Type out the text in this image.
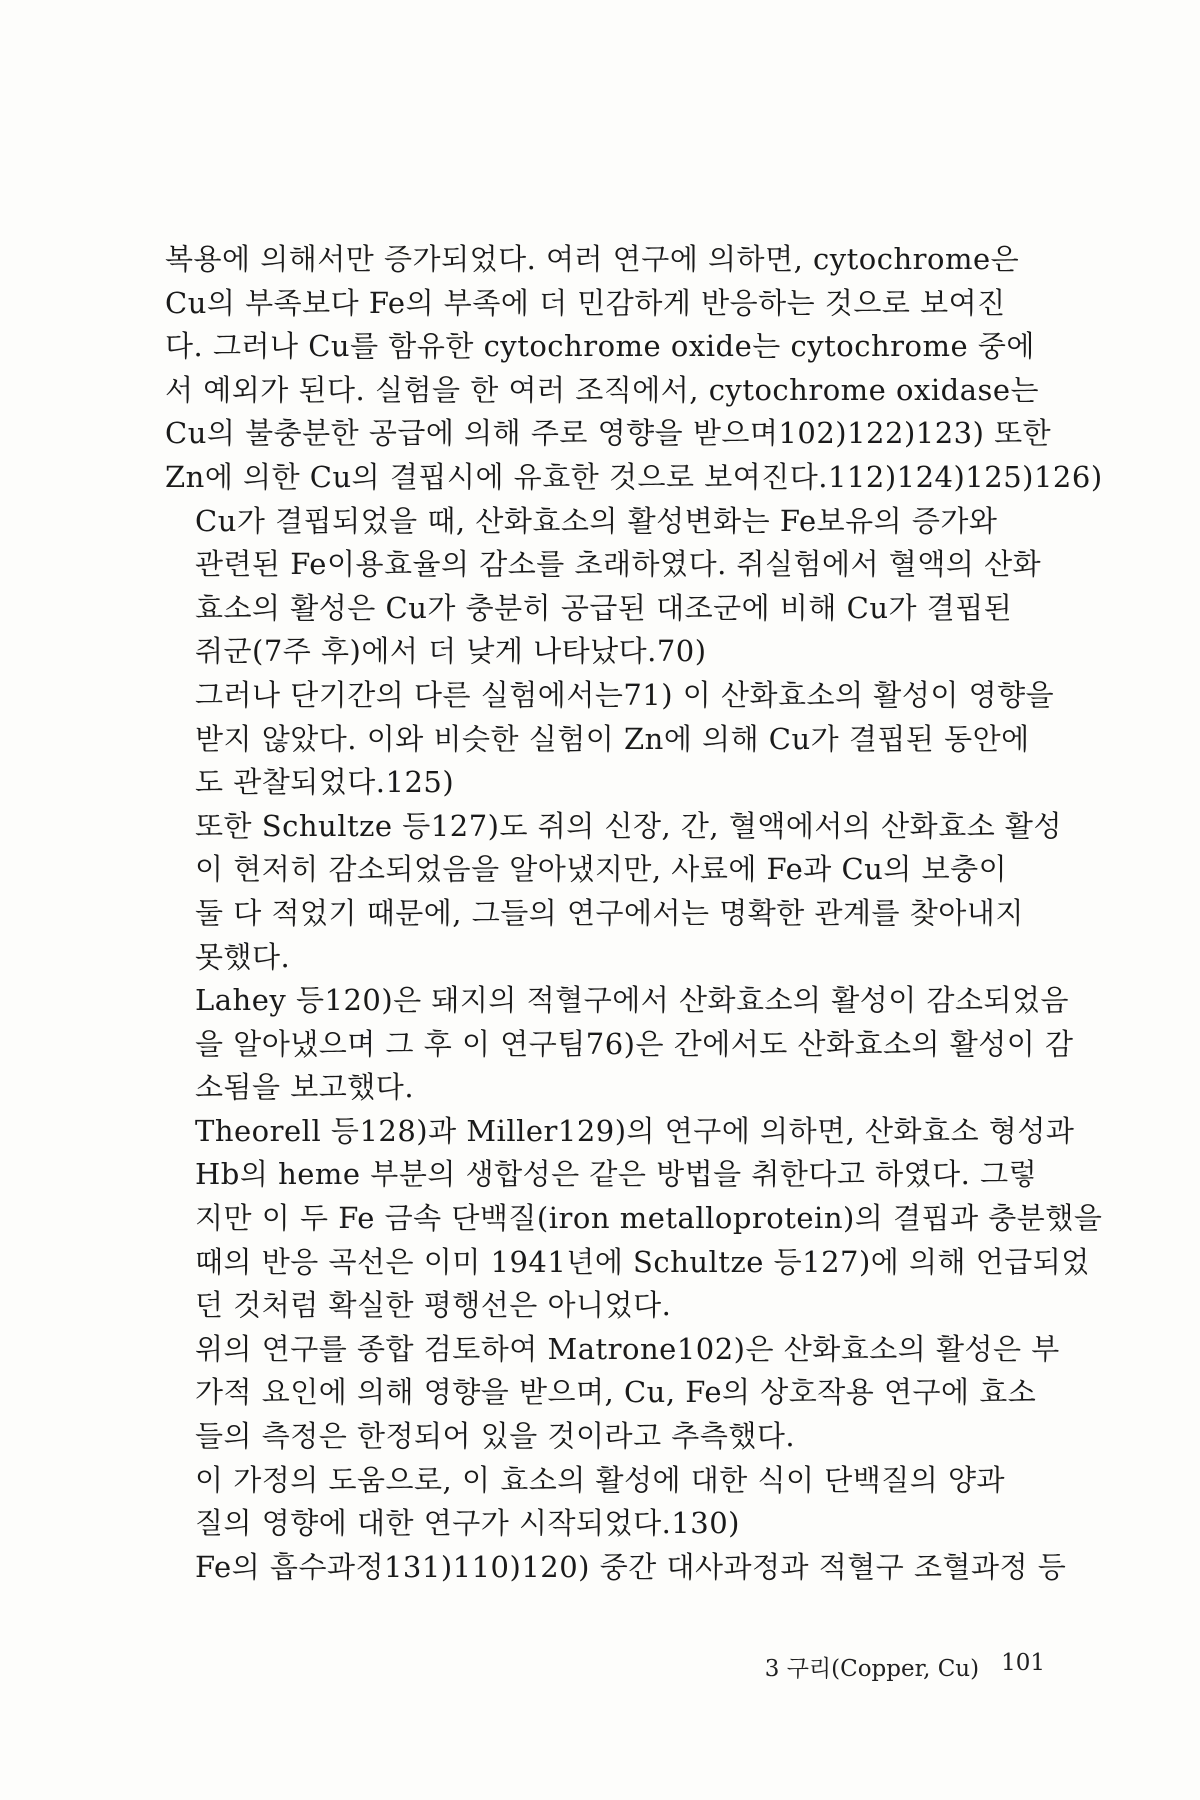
복용에 의해서만 증가되었다. 여러 연구에 의하면, cytochrome은
Cu의 부족보다 Fe의 부족에 더 민감하게 반응하는 것으로 보여진
다. 그러나 Cu를 함유한 cytochrome oxide는 cytochrome 중에
서 예외가 된다. 실험을 한 여러 조직에서, cytochrome oxidase는
Cu의 불충분한 공급에 의해 주로 영향을 받으며102)122)123) 또한
Zn에 의한 Cu의 결핍시에 유효한 것으로 보여진다.112)124)125)126)

Cu가 결핍되었을 때, 산화효소의 활성변화는 Fe보유의 증가와
관련된 Fe이용효율의 감소를 초래하였다. 쥐실험에서 혈액의 산화
효소의 활성은 Cu가 충분히 공급된 대조군에 비해 Cu가 결핍된
쥐군(7주 후)에서 더 낮게 나타났다.70)

그러나 단기간의 다른 실험에서는71) 이 산화효소의 활성이 영향을
받지 않았다. 이와 비슷한 실험이 Zn에 의해 Cu가 결핍된 동안에
도 관찰되었다.125)

또한 Schultze 등127)도 쥐의 신장, 간, 혈액에서의 산화효소 활성
이 현저히 감소되었음을 알아냈지만, 사료에 Fe과 Cu의 보충이
둘 다 적었기 때문에, 그들의 연구에서는 명확한 관계를 찾아내지
못했다.

Lahey 등120)은 돼지의 적혈구에서 산화효소의 활성이 감소되었음
을 알아냈으며 그 후 이 연구팀76)은 간에서도 산화효소의 활성이 감
소됨을 보고했다.

Theorell 등128)과 Miller129)의 연구에 의하면, 산화효소 형성과
Hb의 heme 부분의 생합성은 같은 방법을 취한다고 하였다. 그렇
지만 이 두 Fe 금속 단백질(iron metalloprotein)의 결핍과 충분했을
때의 반응 곡선은 이미 1941년에 Schultze 등127)에 의해 언급되었
던 것처럼 확실한 평행선은 아니었다.

위의 연구를 종합 검토하여 Matrone102)은 산화효소의 활성은 부
가적 요인에 의해 영향을 받으며, Cu, Fe의 상호작용 연구에 효소
들의 측정은 한정되어 있을 것이라고 추측했다.

이 가정의 도움으로, 이 효소의 활성에 대한 식이 단백질의 양과
질의 영향에 대한 연구가 시작되었다.130)

Fe의 흡수과정131)110)120) 중간 대사과정과 적혈구 조혈과정 등

3 구리(Copper, Cu) 101
